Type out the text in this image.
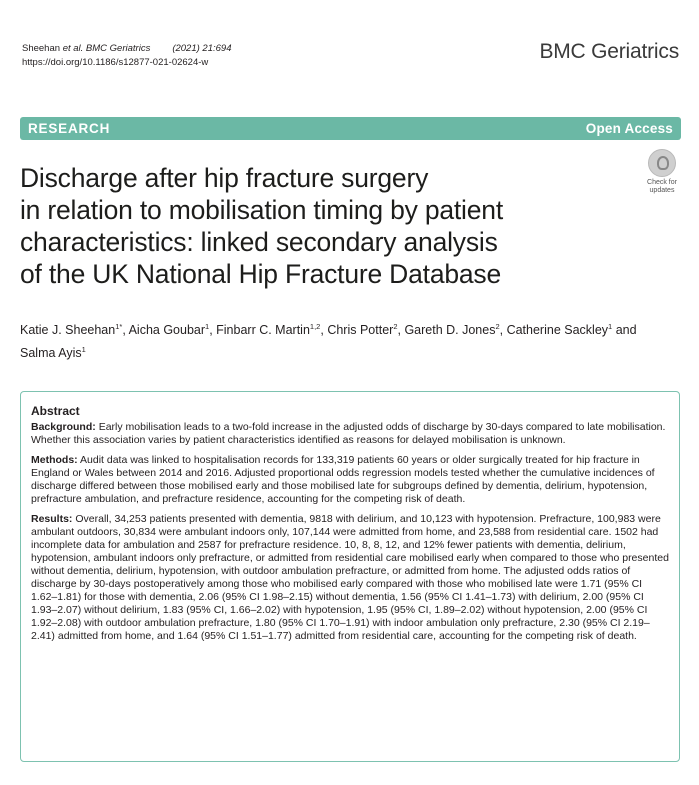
Sheehan et al. BMC Geriatrics (2021) 21:694
https://doi.org/10.1186/s12877-021-02624-w	BMC Geriatrics
RESEARCH	Open Access
Check for
updates
Discharge after hip fracture surgery
in relation to mobilisation timing by patient
characteristics: linked secondary analysis
of the UK National Hip Fracture Database
Katie J. Sheehan$^{1*}$, Aicha Goubar$^1$, Finbarr C. Martin$^{1,2}$, Chris Potter$^2$, Gareth D. Jones$^2$, Catherine Sackley$^1$ and
Salma Ayis$^1$
Abstract

Background: Early mobilisation leads to a two-fold increase in the adjusted odds of discharge by 30-days compared to late mobilisation. Whether this association varies by patient characteristics identified as reasons for delayed mobilisation is unknown.

Methods: Audit data was linked to hospitalisation records for 133,319 patients 60 years or older surgically treated for hip fracture in England or Wales between 2014 and 2016. Adjusted proportional odds regression models tested whether the cumulative incidences of discharge differed between those mobilised early and those mobilised late for subgroups defined by dementia, delirium, hypotension, prefracture ambulation, and prefracture residence, accounting for the competing risk of death.

Results: Overall, 34,253 patients presented with dementia, 9818 with delirium, and 10,123 with hypotension. Prefracture, 100,983 were ambulant outdoors, 30,834 were ambulant indoors only, 107,144 were admitted from home, and 23,588 from residential care. 1502 had incomplete data for ambulation and 2587 for prefracture residence. 10, 8, 8, 12, and 12% fewer patients with dementia, delirium, hypotension, ambulant indoors only prefracture, or admitted from residential care mobilised early when compared to those who presented without dementia, delirium, hypotension, with outdoor ambulation prefracture, or admitted from home. The adjusted odds ratios of discharge by 30-days postoperatively among those who mobilised early compared with those who mobilised late were 1.71 (95% CI 1.62–1.81) for those with dementia, 2.06 (95% CI 1.98–2.15) without dementia, 1.56 (95% CI 1.41–1.73) with delirium, 2.00 (95% CI 1.93–2.07) without delirium, 1.83 (95% CI, 1.66–2.02) with hypotension, 1.95 (95% CI, 1.89–2.02) without hypotension, 2.00 (95% CI 1.92–2.08) with outdoor ambulation prefracture, 1.80 (95% CI 1.70–1.91) with indoor ambulation only prefracture, 2.30 (95% CI 2.19–2.41) admitted from home, and 1.64 (95% CI 1.51–1.77) admitted from residential care, accounting for the competing risk of death.
